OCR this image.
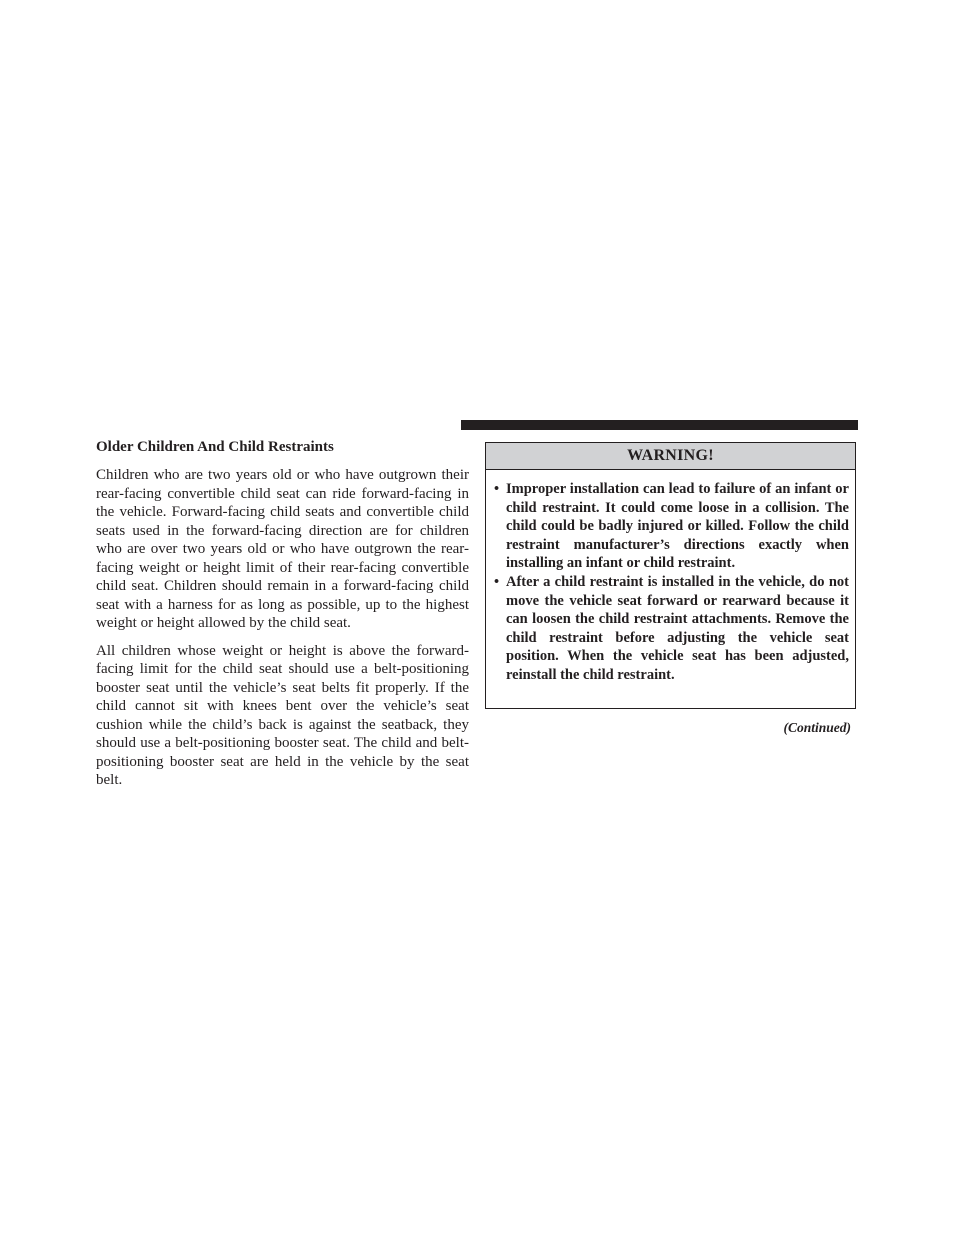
Older Children And Child Restraints

Children who are two years old or who have outgrown their rear-facing convertible child seat can ride forward-facing in the vehicle. Forward-facing child seats and convertible child seats used in the forward-facing direction are for children who are over two years old or who have outgrown the rear-facing weight or height limit of their rear-facing convertible child seat. Children should remain in a forward-facing child seat with a harness for as long as possible, up to the highest weight or height allowed by the child seat.

All children whose weight or height is above the forward-facing limit for the child seat should use a belt-positioning booster seat until the vehicle’s seat belts fit properly. If the child cannot sit with knees bent over the vehicle’s seat cushion while the child’s back is against the seatback, they should use a belt-positioning booster seat. The child and belt-positioning booster seat are held in the vehicle by the seat belt.

WARNING!
• Improper installation can lead to failure of an infant or child restraint. It could come loose in a collision. The child could be badly injured or killed. Follow the child restraint manufacturer’s directions exactly when installing an infant or child restraint.
• After a child restraint is installed in the vehicle, do not move the vehicle seat forward or rearward because it can loosen the child restraint attachments. Remove the child restraint before adjusting the vehicle seat position. When the vehicle seat has been adjusted, reinstall the child restraint.
(Continued)
